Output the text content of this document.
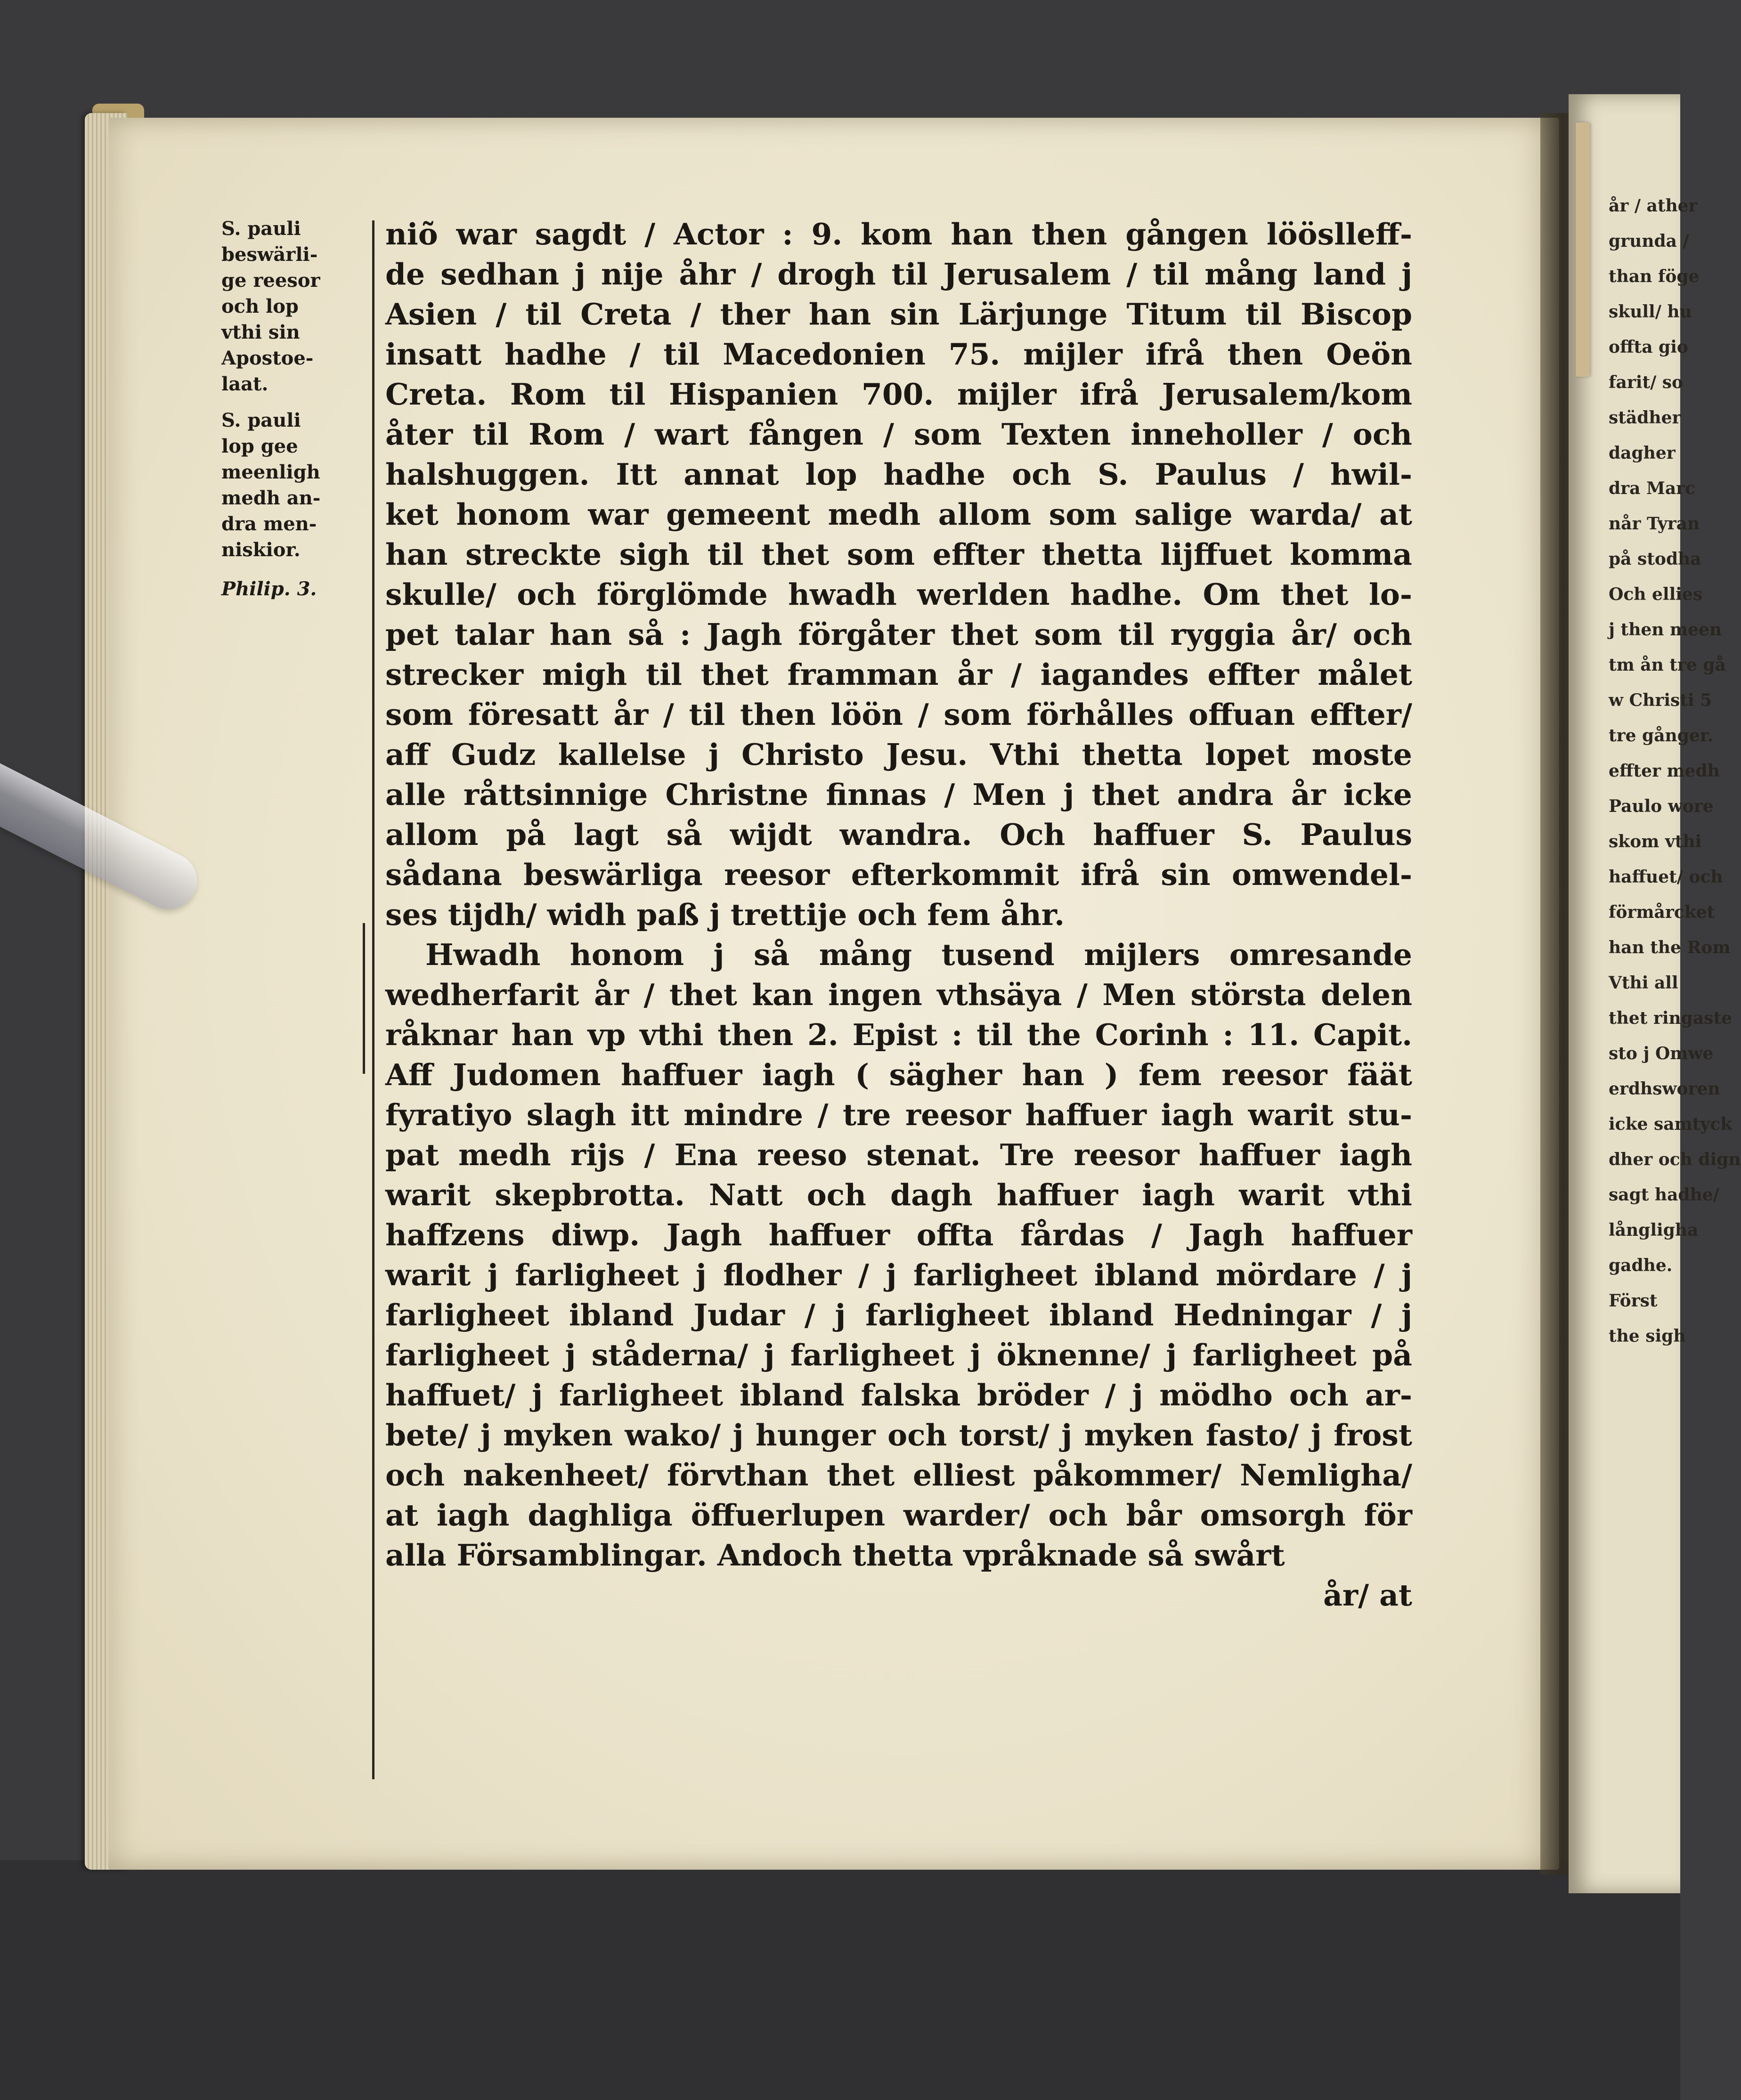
S. pauli
beswärli-
ge reesor
och lop
vthi sin
Apostoe-
laat.
S. pauli
lop gee
meenligh
medh an-
dra men-
niskior.
Philip. 3.
niõ war sagdt / Actor : 9. kom han then gången lööslleff-
de sedhan j nije åhr / drogh til Jerusalem / til mång land j
Asien / til Creta / ther han sin Lärjunge Titum til Biscop
insatt hadhe / til Macedonien 75. mijler ifrå then Oeön
Creta. Rom til Hispanien 700. mijler ifrå Jerusalem/kom
åter til Rom / wart fången / som Texten inneholler / och
halshuggen. Itt annat lop hadhe och S. Paulus / hwil-
ket honom war gemeent medh allom som salige warda/ at
han streckte sigh til thet som effter thetta lijffuet komma
skulle/ och förglömde hwadh werlden hadhe. Om thet lo-
pet talar han så : Jagh förgåter thet som til ryggia år/ och
strecker migh til thet framman år / iagandes effter målet
som föresatt år / til then löön / som förhålles offuan effter/
aff Gudz kallelse j Christo Jesu. Vthi thetta lopet moste
alle råttsinnige Christne finnas / Men j thet andra år icke
allom på lagt så wijdt wandra. Och haffuer S. Paulus
sådana beswärliga reesor efterkommit ifrå sin omwendel-
ses tijdh/ widh paß j trettije och fem åhr.
Hwadh honom j så mång tusend mijlers omresande
wedherfarit år / thet kan ingen vthsäya / Men största delen
råknar han vp vthi then 2. Epist : til the Corinh : 11. Capit.
Aff Judomen haffuer iagh ( sägher han ) fem reesor fäät
fyratiyo slagh itt mindre / tre reesor haffuer iagh warit stu-
pat medh rijs / Ena reeso stenat. Tre reesor haffuer iagh
warit skepbrotta. Natt och dagh haffuer iagh warit vthi
haffzens diwp. Jagh haffuer offta fårdas / Jagh haffuer
warit j farligheet j flodher / j farligheet ibland mördare / j
farligheet ibland Judar / j farligheet ibland Hedningar / j
farligheet j ståderna/ j farligheet j öknenne/ j farligheet på
haffuet/ j farligheet ibland falska bröder / j mödho och ar-
bete/ j myken wako/ j hunger och torst/ j myken fasto/ j frost
och nakenheet/ förvthan thet elliest påkommer/ Nemligha/
at iagh daghliga öffuerlupen warder/ och bår omsorgh för
alla Församblingar. Andoch thetta vpråknade så swårt
år/ at
år / ather
grunda /
than föge
skull/ hu
offta gio
farit/ so
städher
dagher
dra Marc
når Tyran
på stodha
Och ellies
j then meen
tm ån tre gå
w Christi 5
tre gånger.
effter medh
Paulo wore
skom vthi
haffuet/ och
förmårcket
han the Rom
Vthi all
thet ringaste
sto j Omwe
erdhsworen
icke samtyck
dher och dign
sagt hadhe/
långligha
gadhe.
Först
the sigh
